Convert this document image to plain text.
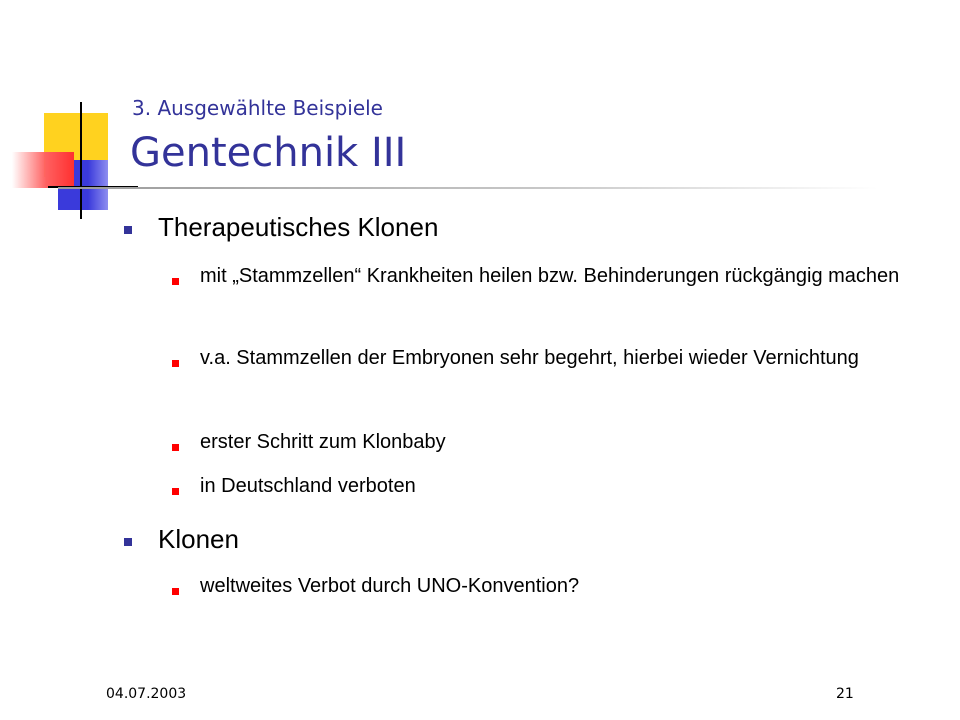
3. Ausgewählte Beispiele
Gentechnik III
Therapeutisches Klonen
mit „Stammzellen“ Krankheiten heilen bzw. Behinderungen rückgängig machen
v.a. Stammzellen der Embryonen sehr begehrt, hierbei wieder Vernichtung
erster Schritt zum Klonbaby
in Deutschland verboten
Klonen
weltweites Verbot durch UNO-Konvention?
04.07.2003	21
